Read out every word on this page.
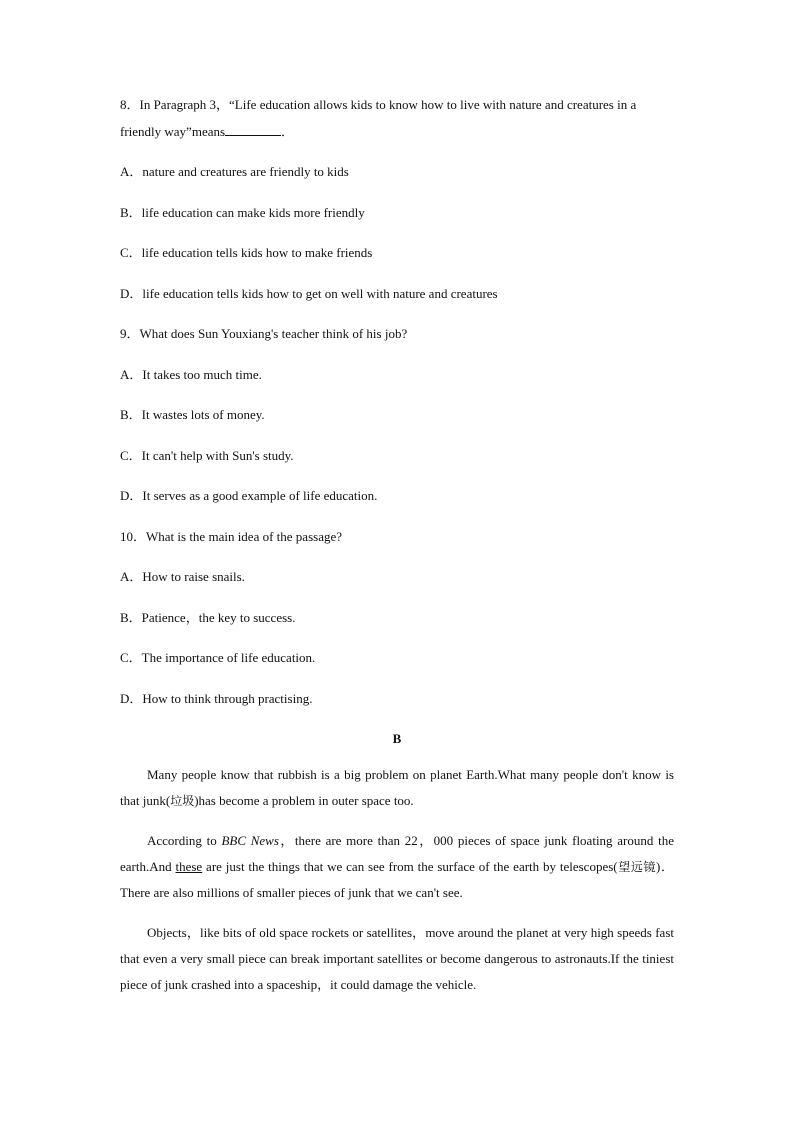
8．In Paragraph 3，“Life education allows kids to know how to live with nature and creatures in a friendly way”means	．
A．nature and creatures are friendly to kids
B．life education can make kids more friendly
C．life education tells kids how to make friends
D．life education tells kids how to get on well with nature and creatures
9．What does Sun Youxiang's teacher think of his job?
A．It takes too much time.
B．It wastes lots of money.
C．It can't help with Sun's study.
D．It serves as a good example of life education.
10．What is the main idea of the passage?
A．How to raise snails.
B．Patience，the key to success.
C．The importance of life education.
D．How to think through practising.
B

Many people know that rubbish is a big problem on planet Earth.What many people don't know is that junk(垃圾)has become a problem in outer space too.

According to BBC News，there are more than 22，000 pieces of space junk floating around the earth.And these are just the things that we can see from the surface of the earth by telescopes(望远镜)．There are also millions of smaller pieces of junk that we can't see.

Objects，like bits of old space rockets or satellites，move around the planet at very high speeds fast that even a very small piece can break important satellites or become dangerous to astronauts.If the tiniest piece of junk crashed into a spaceship，it could damage the vehicle.
